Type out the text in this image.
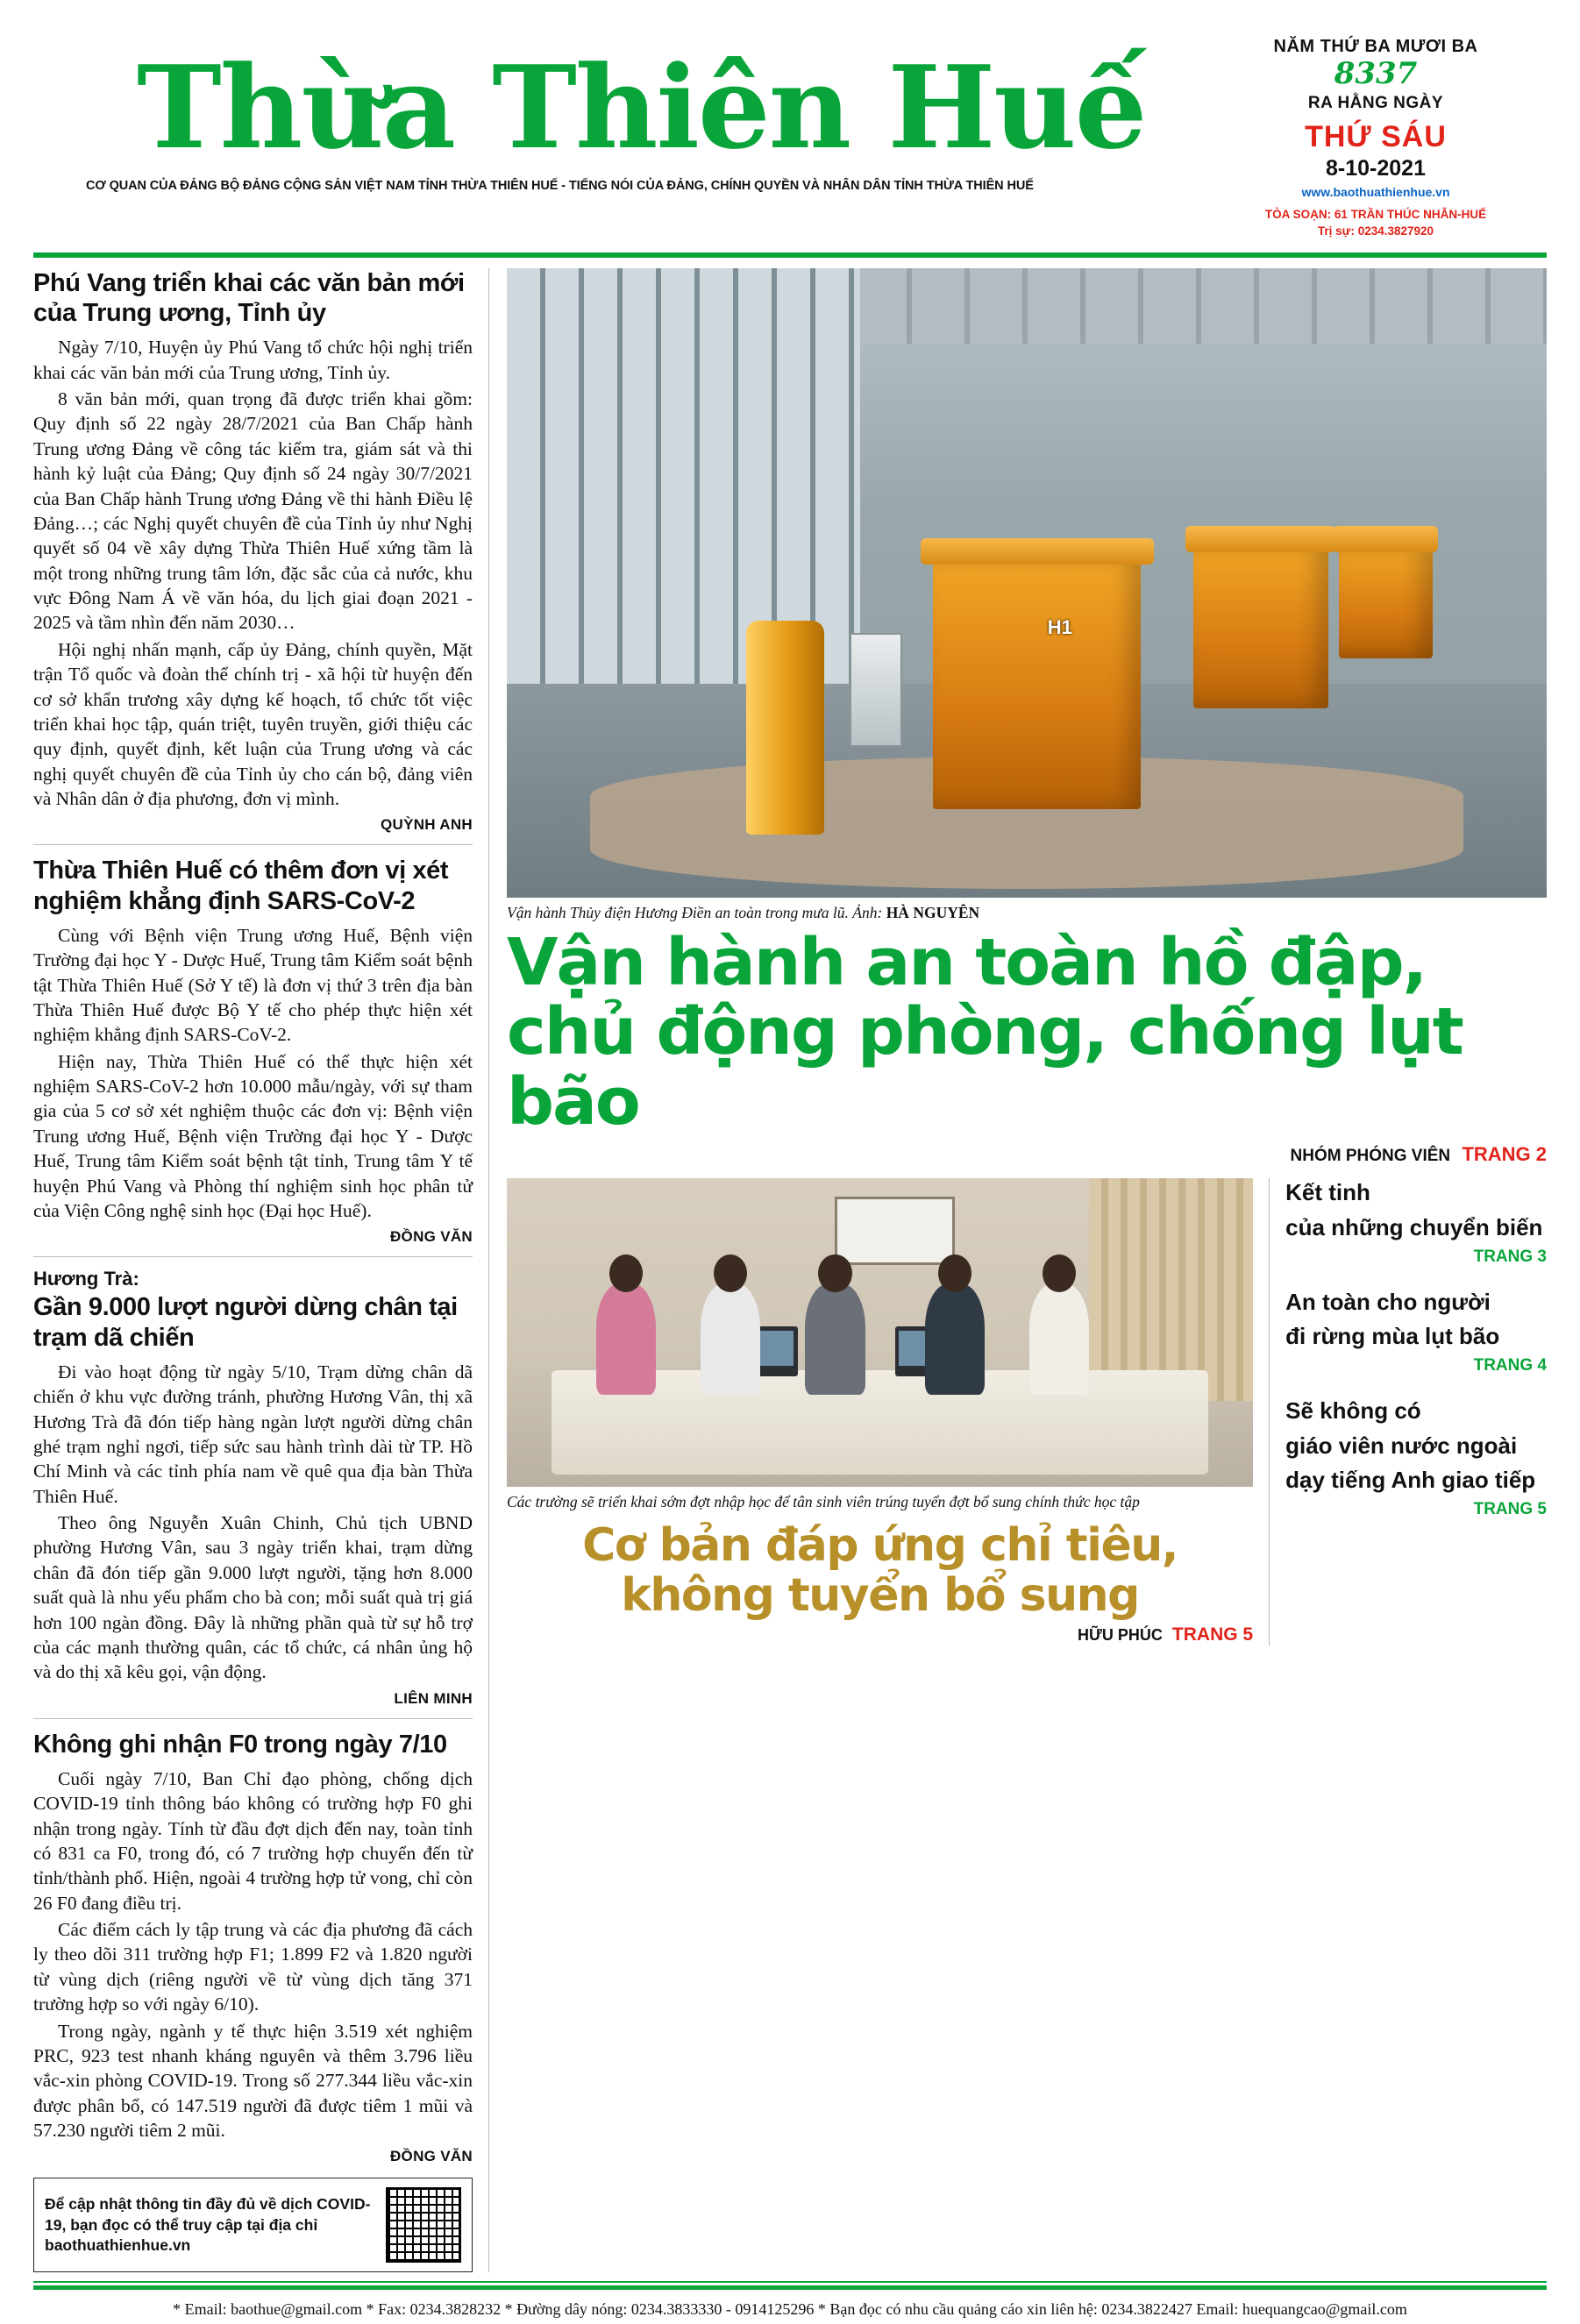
Thừa Thiên Huế
CƠ QUAN CỦA ĐẢNG BỘ ĐẢNG CỘNG SẢN VIỆT NAM TỈNH THỪA THIÊN HUẾ - TIẾNG NÓI CỦA ĐẢNG, CHÍNH QUYỀN VÀ NHÂN DÂN TỈNH THỪA THIÊN HUẾ
NĂM THỨ BA MƯƠI BA
8337
RA HẰNG NGÀY
THỨ SÁU
8-10-2021
www.baothuathienhue.vn
TÒA SOẠN: 61 TRẦN THÚC NHẪN-HUẾ
Trị sự: 0234.3827920
Phú Vang triển khai các văn bản mới của Trung ương, Tỉnh ủy

Ngày 7/10, Huyện ủy Phú Vang tổ chức hội nghị triển khai các văn bản mới của Trung ương, Tỉnh ủy.

8 văn bản mới, quan trọng đã được triển khai gồm: Quy định số 22 ngày 28/7/2021 của Ban Chấp hành Trung ương Đảng về công tác kiểm tra, giám sát và thi hành kỷ luật của Đảng; Quy định số 24 ngày 30/7/2021 của Ban Chấp hành Trung ương Đảng về thi hành Điều lệ Đảng…; các Nghị quyết chuyên đề của Tỉnh ủy như Nghị quyết số 04 về xây dựng Thừa Thiên Huế xứng tầm là một trong những trung tâm lớn, đặc sắc của cả nước, khu vực Đông Nam Á về văn hóa, du lịch giai đoạn 2021 - 2025 và tầm nhìn đến năm 2030…

Hội nghị nhấn mạnh, cấp ủy Đảng, chính quyền, Mặt trận Tổ quốc và đoàn thể chính trị - xã hội từ huyện đến cơ sở khẩn trương xây dựng kế hoạch, tổ chức tốt việc triển khai học tập, quán triệt, tuyên truyền, giới thiệu các quy định, quyết định, kết luận của Trung ương và các nghị quyết chuyên đề của Tỉnh ủy cho cán bộ, đảng viên và Nhân dân ở địa phương, đơn vị mình.

QUỲNH ANH
Thừa Thiên Huế có thêm đơn vị xét nghiệm khẳng định SARS-CoV-2

Cùng với Bệnh viện Trung ương Huế, Bệnh viện Trường đại học Y - Dược Huế, Trung tâm Kiểm soát bệnh tật Thừa Thiên Huế (Sở Y tế) là đơn vị thứ 3 trên địa bàn Thừa Thiên Huế được Bộ Y tế cho phép thực hiện xét nghiệm khẳng định SARS-CoV-2.

Hiện nay, Thừa Thiên Huế có thể thực hiện xét nghiệm SARS-CoV-2 hơn 10.000 mẫu/ngày, với sự tham gia của 5 cơ sở xét nghiệm thuộc các đơn vị: Bệnh viện Trung ương Huế, Bệnh viện Trường đại học Y - Dược Huế, Trung tâm Kiểm soát bệnh tật tỉnh, Trung tâm Y tế huyện Phú Vang và Phòng thí nghiệm sinh học phân tử của Viện Công nghệ sinh học (Đại học Huế).

ĐỒNG VĂN
Hương Trà:
Gần 9.000 lượt người dừng chân tại trạm dã chiến

Đi vào hoạt động từ ngày 5/10, Trạm dừng chân dã chiến ở khu vực đường tránh, phường Hương Vân, thị xã Hương Trà đã đón tiếp hàng ngàn lượt người dừng chân ghé trạm nghỉ ngơi, tiếp sức sau hành trình dài từ TP. Hồ Chí Minh và các tỉnh phía nam về quê qua địa bàn Thừa Thiên Huế.

Theo ông Nguyễn Xuân Chinh, Chủ tịch UBND phường Hương Vân, sau 3 ngày triển khai, trạm dừng chân đã đón tiếp gần 9.000 lượt người, tặng hơn 8.000 suất quà là nhu yếu phẩm cho bà con; mỗi suất quà trị giá hơn 100 ngàn đồng. Đây là những phần quà từ sự hỗ trợ của các mạnh thường quân, các tổ chức, cá nhân ủng hộ và do thị xã kêu gọi, vận động.

LIÊN MINH
Không ghi nhận F0 trong ngày 7/10

Cuối ngày 7/10, Ban Chỉ đạo phòng, chống dịch COVID-19 tỉnh thông báo không có trường hợp F0 ghi nhận trong ngày. Tính từ đầu đợt dịch đến nay, toàn tỉnh có 831 ca F0, trong đó, có 7 trường hợp chuyển đến từ tỉnh/thành phố. Hiện, ngoài 4 trường hợp tử vong, chỉ còn 26 F0 đang điều trị.

Các điểm cách ly tập trung và các địa phương đã cách ly theo dõi 311 trường hợp F1; 1.899 F2 và 1.820 người từ vùng dịch (riêng người về từ vùng dịch tăng 371 trường hợp so với ngày 6/10).

Trong ngày, ngành y tế thực hiện 3.519 xét nghiệm PRC, 923 test nhanh kháng nguyên và thêm 3.796 liều vắc-xin phòng COVID-19. Trong số 277.344 liều vắc-xin được phân bổ, có 147.519 người đã được tiêm 1 mũi và 57.230 người tiêm 2 mũi.

ĐỒNG VĂN
Để cập nhật thông tin đầy đủ về dịch COVID-19, bạn đọc có thể truy cập tại địa chỉ baothuathienhue.vn
H1
Vận hành Thủy điện Hương Điền an toàn trong mưa lũ. Ảnh: HÀ NGUYÊN
Vận hành an toàn hồ đập,
chủ động phòng, chống lụt bão
NHÓM PHÓNG VIÊN TRANG 2
Các trường sẽ triển khai sớm đợt nhập học để tân sinh viên trúng tuyển đợt bổ sung chính thức học tập
Cơ bản đáp ứng chỉ tiêu,
không tuyển bổ sung
HỮU PHÚC TRANG 5
Kết tinh
của những chuyển biến
TRANG 3
An toàn cho người
đi rừng mùa lụt bão
TRANG 4
Sẽ không có
giáo viên nước ngoài
dạy tiếng Anh giao tiếp
TRANG 5
* Email: baothue@gmail.com * Fax: 0234.3828232 * Đường dây nóng: 0234.3833330 - 0914125296 * Bạn đọc có nhu cầu quảng cáo xin liên hệ: 0234.3822427 Email: huequangcao@gmail.com
